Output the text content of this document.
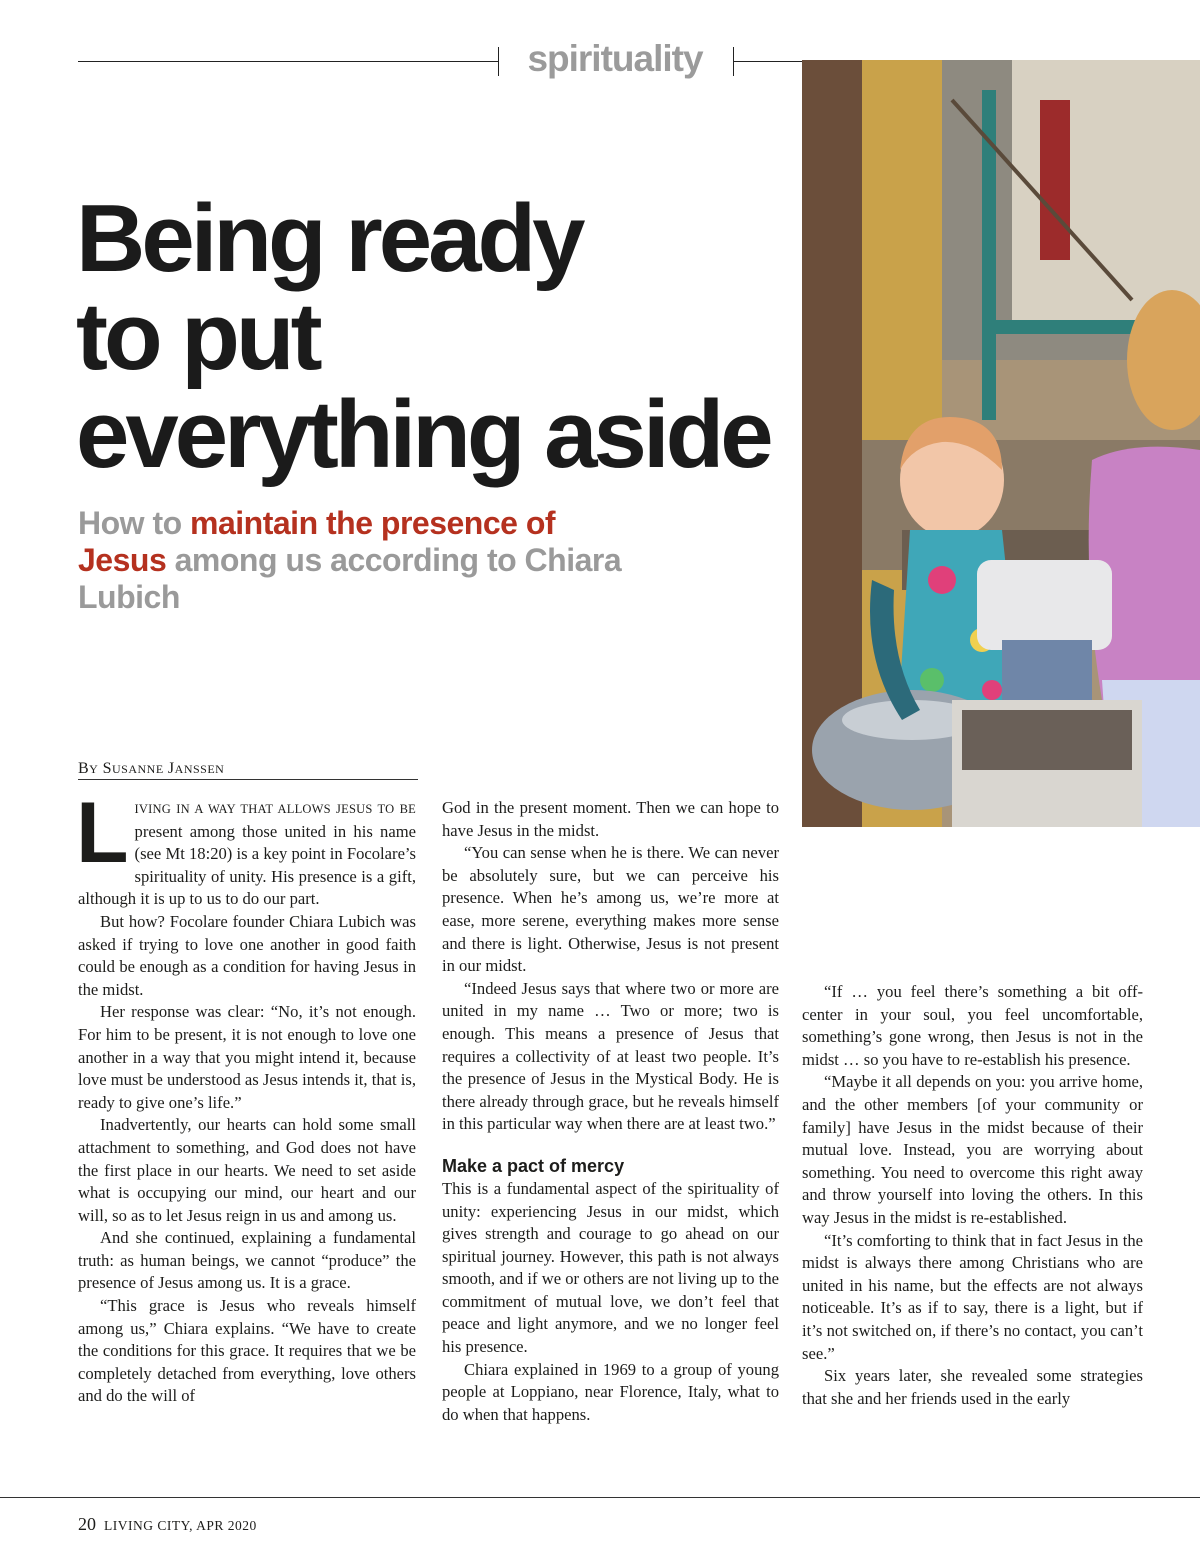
spirituality
Being ready
to put
everything aside

How to maintain the presence of Jesus among us according to Chiara Lubich

BY SUSANNE JANSSEN

LIVING IN A WAY THAT ALLOWS JESUS TO BE present among those united in his name (see Mt 18:20) is a key point in Focolare’s spirituality of unity. His presence is a gift, although it is up to us to do our part.

But how? Focolare founder Chiara Lubich was asked if trying to love one another in good faith could be enough as a condition for having Jesus in the midst.

Her response was clear: “No, it’s not enough. For him to be present, it is not enough to love one another in a way that you might intend it, because love must be understood as Jesus intends it, that is, ready to give one’s life.”

Inadvertently, our hearts can hold some small attachment to something, and God does not have the first place in our hearts. We need to set aside what is occupying our mind, our heart and our will, so as to let Jesus reign in us and among us.

And she continued, explaining a fundamental truth: as human beings, we cannot “produce” the presence of Jesus among us. It is a grace.

“This grace is Jesus who reveals himself among us,” Chiara explains. “We have to create the conditions for this grace. It requires that we be completely detached from everything, love others and do the will of

God in the present moment. Then we can hope to have Jesus in the midst.

“You can sense when he is there. We can never be absolutely sure, but we can perceive his presence. When he’s among us, we’re more at ease, more serene, everything makes more sense and there is light. Otherwise, Jesus is not present in our midst.

“Indeed Jesus says that where two or more are united in my name … Two or more; two is enough. This means a presence of Jesus that requires a collectivity of at least two people. It’s the presence of Jesus in the Mystical Body. He is there already through grace, but he reveals himself in this particular way when there are at least two.”

Make a pact of mercy

This is a fundamental aspect of the spirituality of unity: experiencing Jesus in our midst, which gives strength and courage to go ahead on our spiritual journey. However, this path is not always smooth, and if we or others are not living up to the commitment of mutual love, we don’t feel that peace and light anymore, and we no longer feel his presence.

Chiara explained in 1969 to a group of young people at Loppiano, near Florence, Italy, what to do when that happens.

“If … you feel there’s something a bit off-center in your soul, you feel uncomfortable, something’s gone wrong, then Jesus is not in the midst … so you have to re-establish his presence.

“Maybe it all depends on you: you arrive home, and the other members [of your community or family] have Jesus in the midst because of their mutual love. Instead, you are worrying about something. You need to overcome this right away and throw yourself into loving the others. In this way Jesus in the midst is re-established.

“It’s comforting to think that in fact Jesus in the midst is always there among Christians who are united in his name, but the effects are not always noticeable. It’s as if to say, there is a light, but if it’s not switched on, if there’s no contact, you can’t see.”

Six years later, she revealed some strategies that she and her friends used in the early

20 LIVING CITY, APR 2020
